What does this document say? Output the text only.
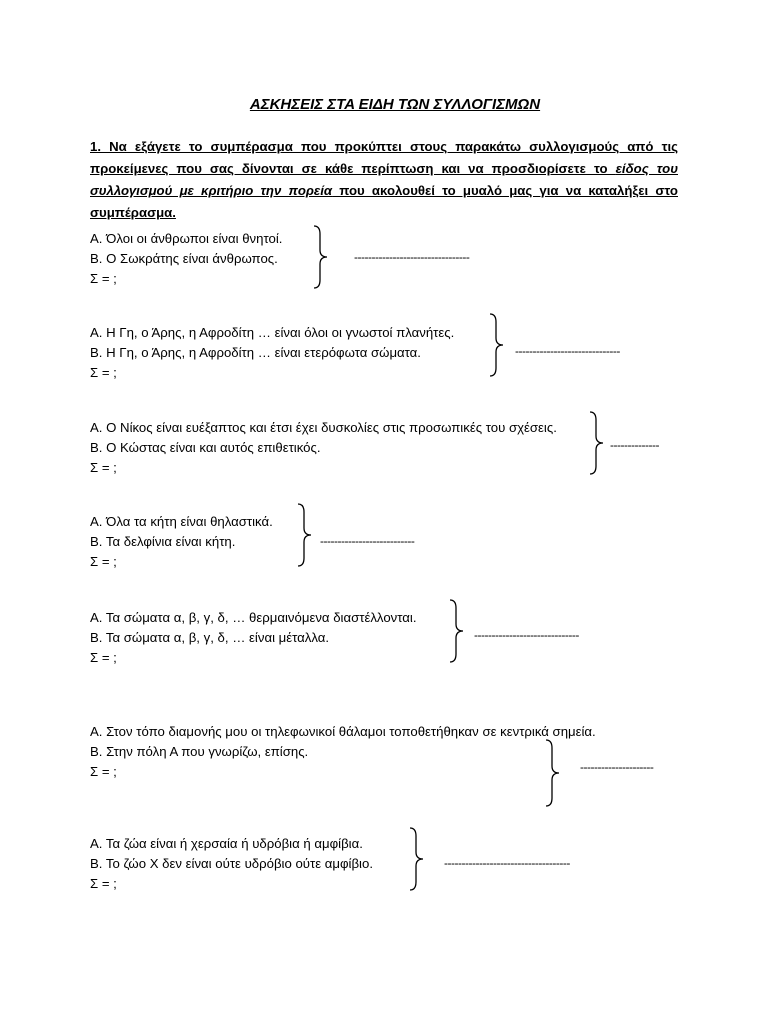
ΑΣΚΗΣΕΙΣ ΣΤΑ ΕΙΔΗ ΤΩΝ ΣΥΛΛΟΓΙΣΜΩΝ
1. Να εξάγετε το συμπέρασμα που προκύπτει στους παρακάτω συλλογισμούς από τις προκείμενες που σας δίνονται σε κάθε περίπτωση και να προσδιορίσετε το είδος του συλλογισμού με κριτήριο την πορεία που ακολουθεί το μυαλό μας για να καταλήξει στο συμπέρασμα.
Α. Όλοι οι άνθρωποι είναι θνητοί.
Β. Ο Σωκράτης είναι άνθρωπος.
Σ = ;
---------------------------------
Α. Η Γη, ο Άρης, η Αφροδίτη … είναι όλοι οι γνωστοί πλανήτες.
Β. Η Γη, ο Άρης, η Αφροδίτη … είναι ετερόφωτα σώματα.
Σ = ;
------------------------------
Α. Ο Νίκος είναι ευέξαπτος και έτσι έχει δυσκολίες στις προσωπικές του σχέσεις.
Β. Ο Κώστας είναι και αυτός επιθετικός.
Σ = ;
--------------
Α. Όλα τα κήτη είναι θηλαστικά.
Β. Τα δελφίνια είναι κήτη.
Σ = ;
---------------------------
Α. Τα σώματα α, β, γ, δ, … θερμαινόμενα διαστέλλονται.
Β. Τα σώματα α, β, γ, δ, … είναι μέταλλα.
Σ = ;
------------------------------
Α. Στον τόπο διαμονής μου οι τηλεφωνικοί θάλαμοι τοποθετήθηκαν σε κεντρικά σημεία.
Β. Στην πόλη Α που γνωρίζω, επίσης.
Σ = ;	---------------------
Α. Τα ζώα είναι ή χερσαία ή υδρόβια ή αμφίβια.
Β. Το ζώο Χ δεν είναι ούτε υδρόβιο ούτε αμφίβιο.
Σ = ;
------------------------------------
